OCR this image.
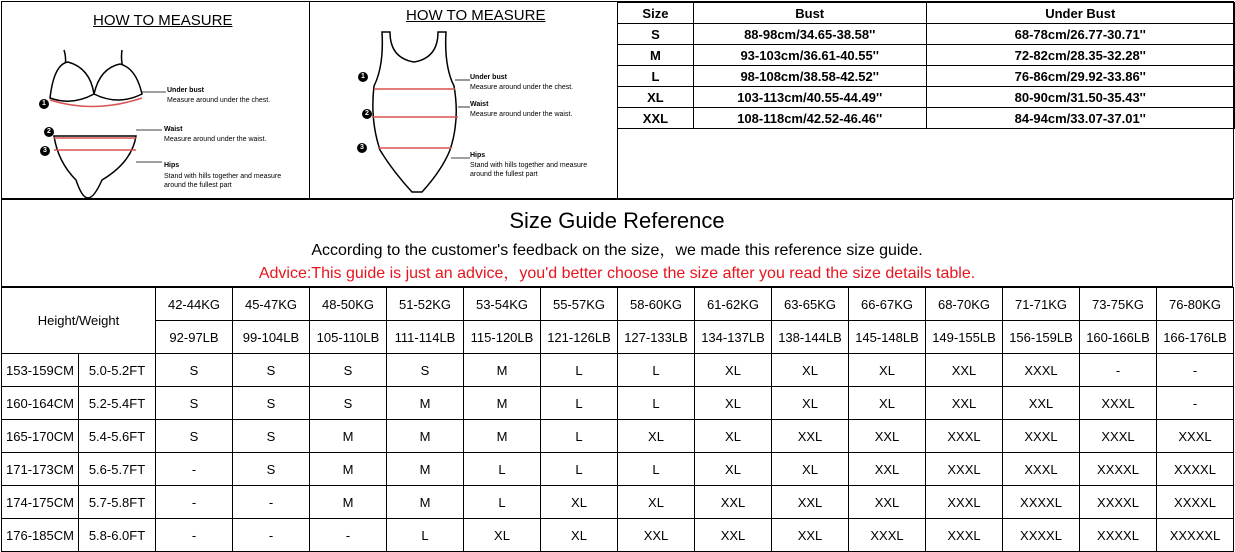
HOW TO MEASURE
1
2
3
Under bust
Measure around under the chest.
Waist
Measure around under the waist.
Hips
Stand with hills together and measure
around the fullest part
HOW TO MEASURE
1
2
3
Under bust
Measure around under the chest.
Waist
Measure around under the waist.
Hips
Stand with hills together and measure
around the fullest part
Size	Bust	Under Bust
S	88-98cm/34.65-38.58''	68-78cm/26.77-30.71''
M	93-103cm/36.61-40.55''	72-82cm/28.35-32.28''
L	98-108cm/38.58-42.52''	76-86cm/29.92-33.86''
XL	103-113cm/40.55-44.49''	80-90cm/31.50-35.43''
XXL	108-118cm/42.52-46.46''	84-94cm/33.07-37.01''
Size Guide Reference
According to the customer's feedback on the size，we made this reference size guide.
Advice:This guide is just an advice，you'd better choose the size after you read the size details table.
Height/Weight		42-44KG	45-47KG	48-50KG	51-52KG	53-54KG	55-57KG	58-60KG	61-62KG	63-65KG	66-67KG	68-70KG	71-71KG	73-75KG	76-80KG
		92-97LB	99-104LB	105-110LB	111-114LB	115-120LB	121-126LB	127-133LB	134-137LB	138-144LB	145-148LB	149-155LB	156-159LB	160-166LB	166-176LB
153-159CM	5.0-5.2FT	S	S	S	S	M	L	L	XL	XL	XL	XXL	XXXL	-	-
160-164CM	5.2-5.4FT	S	S	S	M	M	L	L	XL	XL	XL	XXL	XXL	XXXL	-
165-170CM	5.4-5.6FT	S	S	M	M	M	L	XL	XL	XXL	XXL	XXXL	XXXL	XXXL	XXXL
171-173CM	5.6-5.7FT	-	S	M	M	L	L	L	XL	XL	XXL	XXXL	XXXL	XXXXL	XXXXL
174-175CM	5.7-5.8FT	-	-	M	M	L	XL	XL	XXL	XXL	XXL	XXXL	XXXXL	XXXXL	XXXXL
176-185CM	5.8-6.0FT	-	-	-	L	XL	XL	XXL	XXL	XXL	XXXL	XXXL	XXXXL	XXXXL	XXXXXL
